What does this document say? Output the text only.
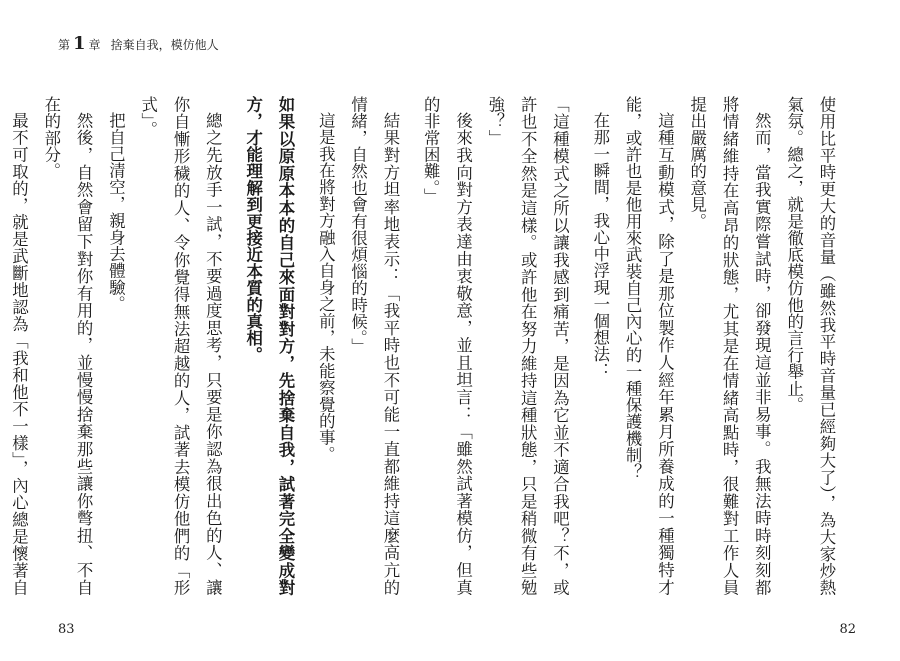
第 1 章 捨棄自我，模仿他人

使用比平時更大的音量（雖然我平時音量已經夠大了），為大家炒熱氣氛。總之，就是徹底模仿他的言行舉止。

然而，當我實際嘗試時，卻發現這並非易事。我無法時時刻刻都將情緒維持在高昂的狀態，尤其是在情緒高點時，很難對工作人員提出嚴厲的意見。

這種互動模式，除了是那位製作人經年累月所養成的一種獨特才能，或許也是他用來武裝自己內心的一種保護機制？

在那一瞬間，我心中浮現一個想法：

「這種模式之所以讓我感到痛苦，是因為它並不適合我吧？不，或許也不全然是這樣。或許他在努力維持這種狀態，只是稍微有些勉強？」

後來我向對方表達由衷敬意，並且坦言：「雖然試著模仿，但真的非常困難。」

結果對方坦率地表示：「我平時也不可能一直都維持這麼高亢的情緒，自然也會有很煩惱的時候。」

這是我在將對方融入自身之前，未能察覺的事。

如果以原原本本的自己來面對對方，先捨棄自我，試著完全變成對方，才能理解到更接近本質的真相。

總之先放手一試，不要過度思考，只要是你認為很出色的人、讓你自慚形穢的人、令你覺得無法超越的人，試著去模仿他們的「形式」。

把自己清空，親身去體驗。

然後，自然會留下對你有用的，並慢慢捨棄那些讓你彆扭、不自在的部分。

最不可取的，就是武斷地認為「我和他不一樣」，內心總是懷著自

83	82
